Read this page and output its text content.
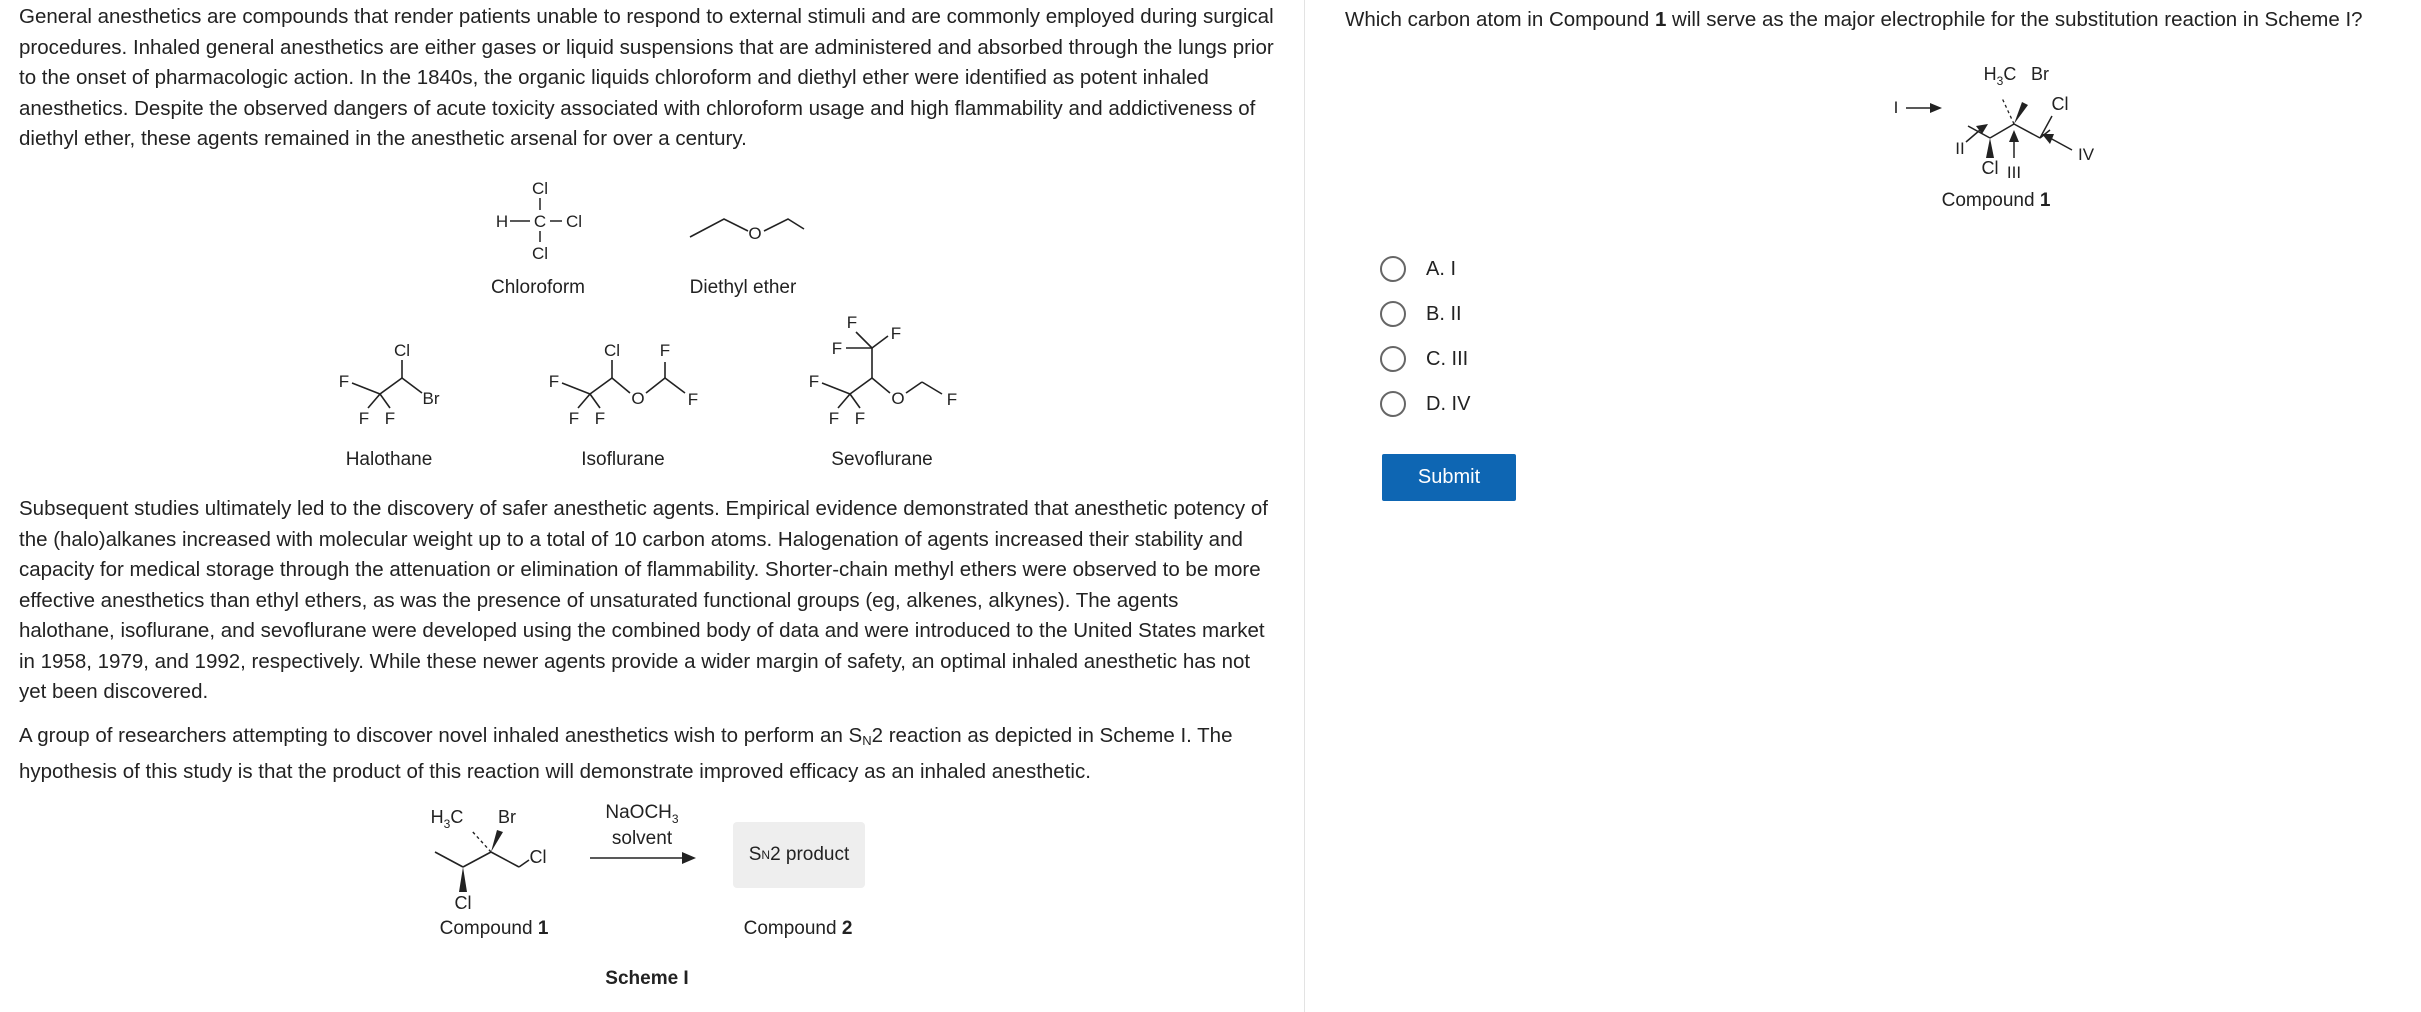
General anesthetics are compounds that render patients unable to respond to external stimuli and are commonly employed during surgical procedures. Inhaled general anesthetics are either gases or liquid suspensions that are administered and absorbed through the lungs prior to the onset of pharmacologic action. In the 1840s, the organic liquids chloroform and diethyl ether were identified as potent inhaled anesthetics. Despite the observed dangers of acute toxicity associated with chloroform usage and high flammability and addictiveness of diethyl ether, these agents remained in the anesthetic arsenal for over a century.

Cl
H C Cl
Cl
Chloroform
O
Diethyl ether
Cl
Br
F
F F
Halothane
Cl F
F
F F
O	F
Isoflurane
F
F
F
F
F F
O F
Sevoflurane

Subsequent studies ultimately led to the discovery of safer anesthetic agents. Empirical evidence demonstrated that anesthetic potency of the (halo)alkanes increased with molecular weight up to a total of 10 carbon atoms. Halogenation of agents increased their stability and capacity for medical storage through the attenuation or elimination of flammability. Shorter-chain methyl ethers were observed to be more effective anesthetics than ethyl ethers, as was the presence of unsaturated functional groups (eg, alkenes, alkynes). The agents halothane, isoflurane, and sevoflurane were developed using the combined body of data and were introduced to the United States market in 1958, 1979, and 1992, respectively. While these newer agents provide a wider margin of safety, an optimal inhaled anesthetic has not yet been discovered.

A group of researchers attempting to discover novel inhaled anesthetics wish to perform an $S_N2$ reaction as depicted in Scheme I. The hypothesis of this study is that the product of this reaction will demonstrate improved efficacy as an inhaled anesthetic.

$H_3C$ Br
Cl
Cl
Compound 1
NaOCH$_3$
solvent
S N 2 product
Compound 2
Scheme I
Which carbon atom in Compound 1 will serve as the major electrophile for the substitution reaction in Scheme I?
$H_3C$ Br
Cl
Cl
I
II
III
IV
Compound 1
A. I
B. II
C. III
D. IV
Submit
